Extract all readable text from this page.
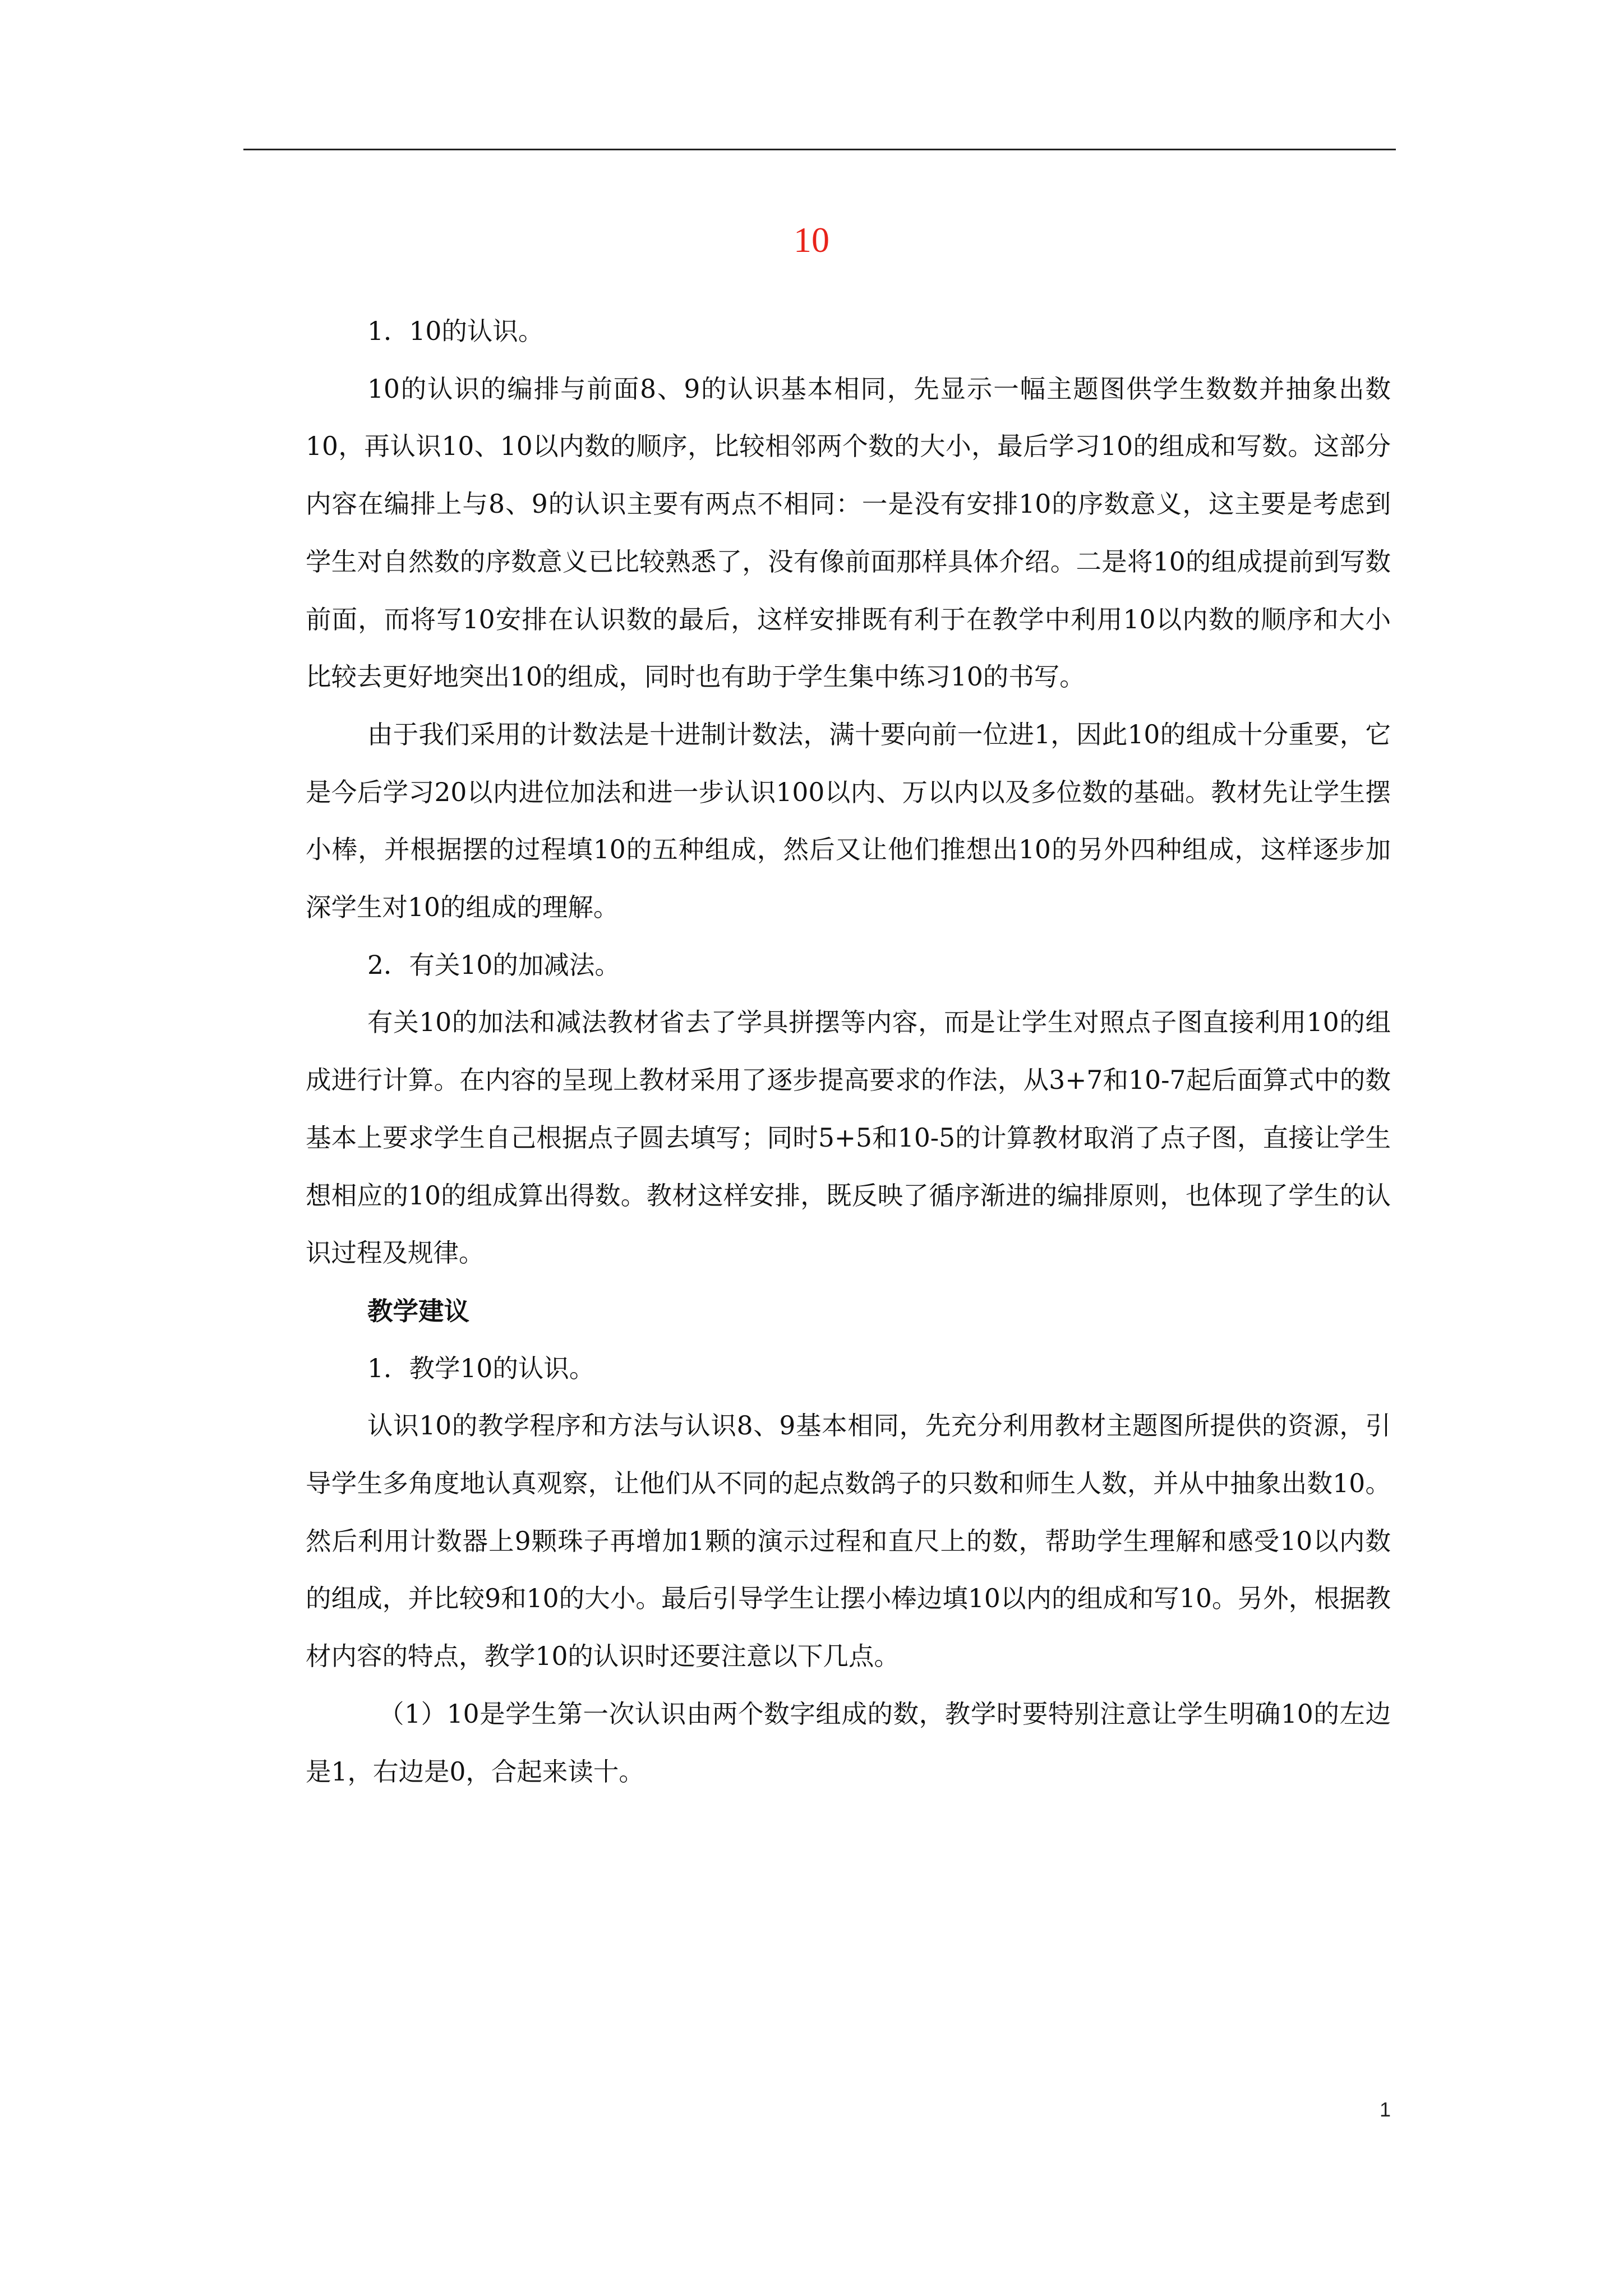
10

1．10的认识。

10的认识的编排与前面8、9的认识基本相同，先显示一幅主题图供学生数数并抽象出数10，再认识10、10以内数的顺序，比较相邻两个数的大小，最后学习10的组成和写数。这部分内容在编排上与8、9的认识主要有两点不相同：一是没有安排10的序数意义，这主要是考虑到学生对自然数的序数意义已比较熟悉了，没有像前面那样具体介绍。二是将10的组成提前到写数前面，而将写10安排在认识数的最后，这样安排既有利于在教学中利用10以内数的顺序和大小比较去更好地突出10的组成，同时也有助于学生集中练习10的书写。

由于我们采用的计数法是十进制计数法，满十要向前一位进1，因此10的组成十分重要，它是今后学习20以内进位加法和进一步认识100以内、万以内以及多位数的基础。教材先让学生摆小棒，并根据摆的过程填10的五种组成，然后又让他们推想出10的另外四种组成，这样逐步加深学生对10的组成的理解。

2．有关10的加减法。

有关10的加法和减法教材省去了学具拼摆等内容，而是让学生对照点子图直接利用10的组成进行计算。在内容的呈现上教材采用了逐步提高要求的作法，从3+7和10-7起后面算式中的数基本上要求学生自己根据点子圆去填写；同时5+5和10-5的计算教材取消了点子图，直接让学生想相应的10的组成算出得数。教材这样安排，既反映了循序渐进的编排原则，也体现了学生的认识过程及规律。

教学建议

1．教学10的认识。

认识10的教学程序和方法与认识8、9基本相同，先充分利用教材主题图所提供的资源，引导学生多角度地认真观察，让他们从不同的起点数鸽子的只数和师生人数，并从中抽象出数10。然后利用计数器上9颗珠子再增加1颗的演示过程和直尺上的数，帮助学生理解和感受10以内数的组成，并比较9和10的大小。最后引导学生让摆小棒边填10以内的组成和写10。另外，根据教材内容的特点，教学10的认识时还要注意以下几点。

（1）10是学生第一次认识由两个数字组成的数，教学时要特别注意让学生明确10的左边是1，右边是0，合起来读十。

1
